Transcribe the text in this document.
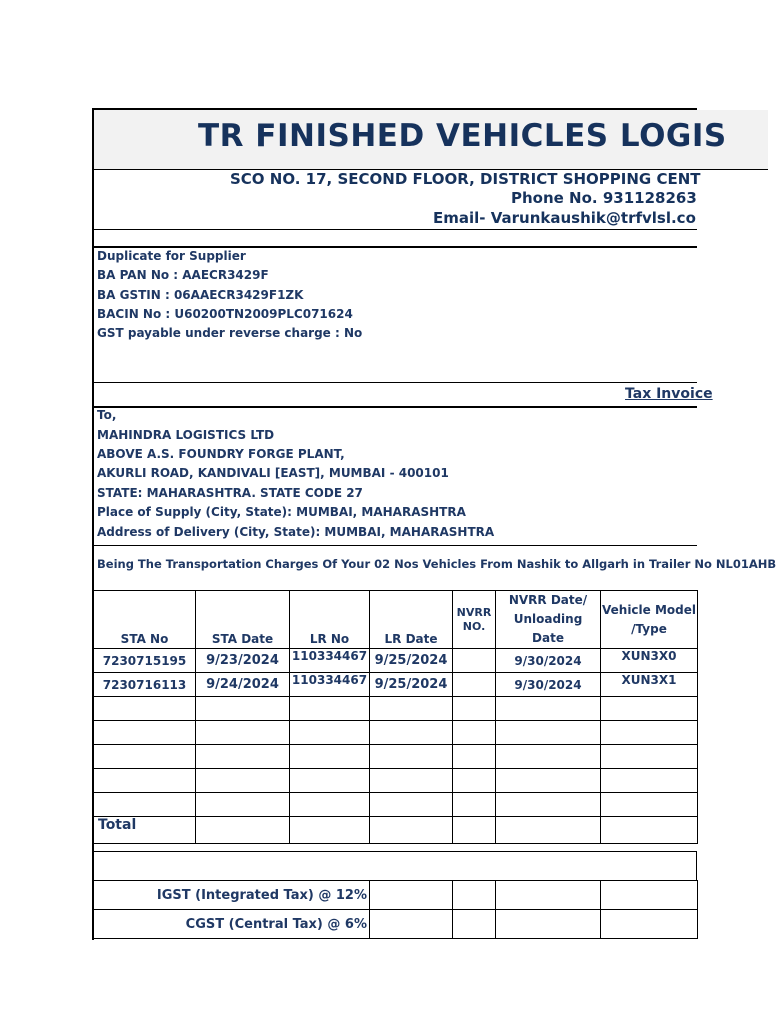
TR FINISHED VEHICLES LOGIS
SCO NO. 17, SECOND FLOOR, DISTRICT SHOPPING CENT
Phone No. 931128263
Email- Varunkaushik@trfvlsl.co
Duplicate for Supplier
BA PAN No : AAECR3429F
BA GSTIN : 06AAECR3429F1ZK
BACIN No : U60200TN2009PLC071624
GST payable under reverse charge : No
Tax Invoice
To,
MAHINDRA LOGISTICS LTD
ABOVE A.S. FOUNDRY FORGE PLANT,
AKURLI ROAD, KANDIVALI [EAST], MUMBAI - 400101
STATE: MAHARASHTRA. STATE CODE 27
Place of Supply (City, State): MUMBAI, MAHARASHTRA
Address of Delivery (City, State): MUMBAI, MAHARASHTRA
Being The Transportation Charges Of Your 02 Nos Vehicles From Nashik to Allgarh in Trailer No NL01AHB
STA No	STA Date	LR No	LR Date	NVRR NO.	NVRR Date/ Unloading Date	Vehicle Model /Type
7230715195	9/23/2024	110334467	9/25/2024		9/30/2024	XUN3X0
7230716113	9/24/2024	110334467	9/25/2024		9/30/2024	XUN3X1

Total						
IGST (Integrated Tax) @ 12%				
CGST (Central Tax) @ 6%				
